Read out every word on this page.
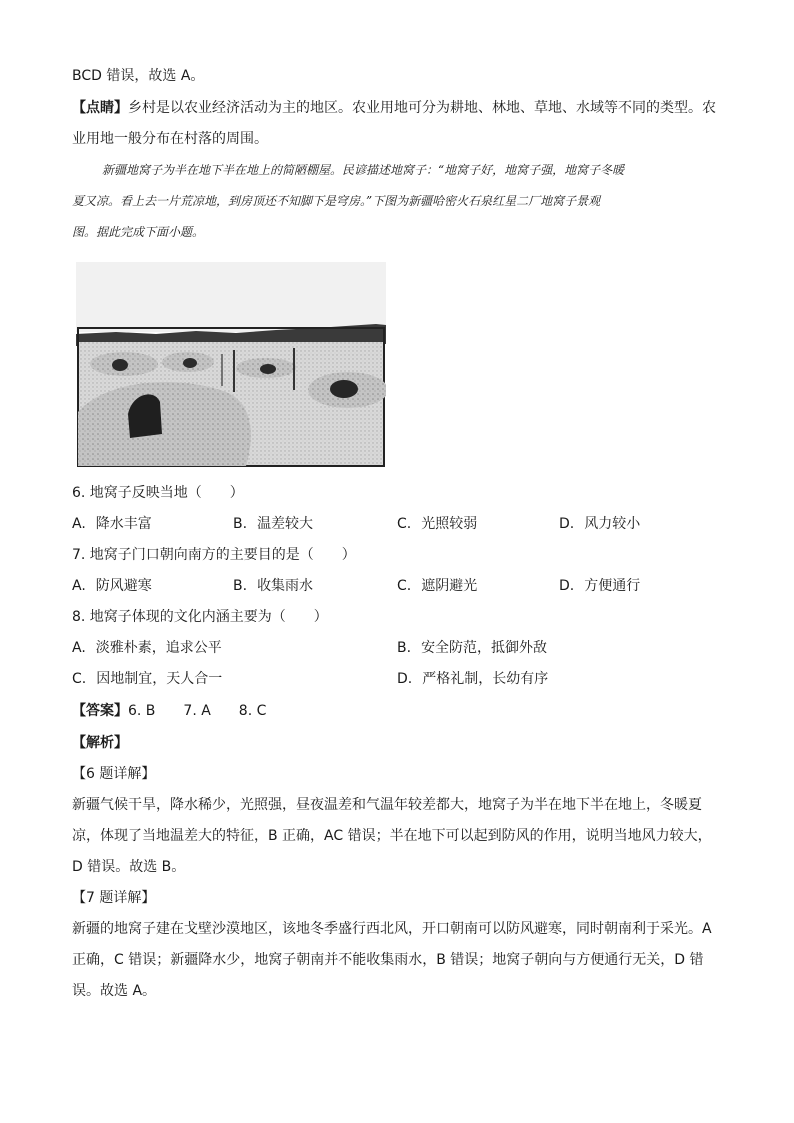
BCD 错误，故选 A。
【点睛】乡村是以农业经济活动为主的地区。农业用地可分为耕地、林地、草地、水域等不同的类型。农
业用地一般分布在村落的周围。
新疆地窝子为半在地下半在地上的简陋棚屋。民谚描述地窝子：“地窝子好，地窝子强，地窝子冬暖
夏又凉。看上去一片荒凉地，到房顶还不知脚下是穹房。”下图为新疆哈密火石泉红星二厂地窝子景观
图。据此完成下面小题。
6. 地窝子反映当地（　　）
A. 降水丰富	B. 温差较大	C. 光照较弱	D. 风力较小
7. 地窝子门口朝向南方的主要目的是（　　）
A. 防风避寒	B. 收集雨水	C. 遮阴避光	D. 方便通行
8. 地窝子体现的文化内涵主要为（　　）
A. 淡雅朴素，追求公平	B. 安全防范，抵御外敌
C. 因地制宜，天人合一	D. 严格礼制，长幼有序
【答案】6. B　　7. A　　8. C
【解析】
【6 题详解】
新疆气候干旱，降水稀少，光照强，昼夜温差和气温年较差都大，地窝子为半在地下半在地上，冬暖夏
凉，体现了当地温差大的特征，B 正确，AC 错误；半在地下可以起到防风的作用，说明当地风力较大，
D 错误。故选 B。
【7 题详解】
新疆的地窝子建在戈壁沙漠地区，该地冬季盛行西北风，开口朝南可以防风避寒，同时朝南利于采光。A
正确，C 错误；新疆降水少，地窝子朝南并不能收集雨水，B 错误；地窝子朝向与方便通行无关，D 错
误。故选 A。
